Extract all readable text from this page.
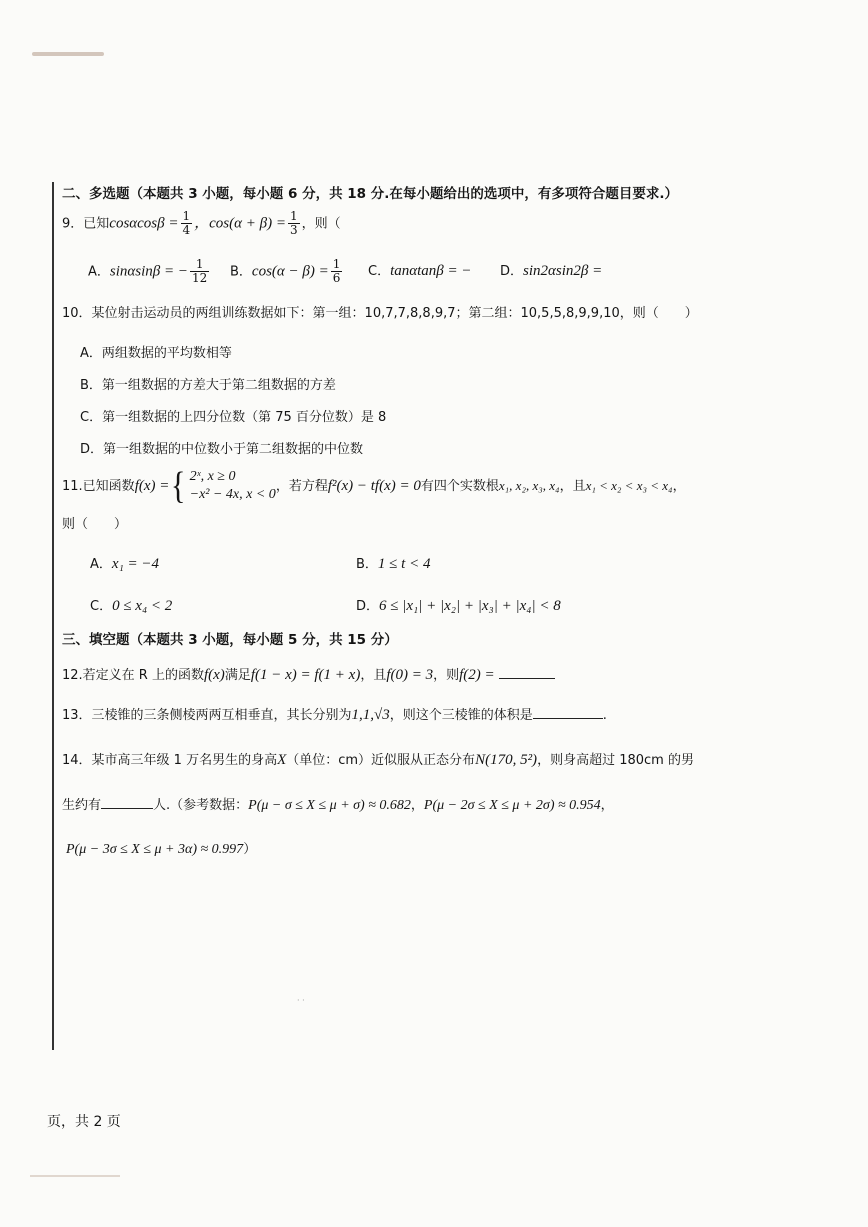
二、多选题（本题共 3 小题，每小题 6 分，共 18 分.在每小题给出的选项中，有多项符合题目要求.）
9．已知$\cos\alpha\cos\beta = \frac{1}{4}$ ，$\cos(\alpha + \beta) = \frac{1}{3}$ ，则（
A．sinαsinβ = − $\frac{1}{12}$ B．$\cos(\alpha - \beta) = \frac{1}{6}$ C．tanαtanβ = − D．sin2αsin2β =
10．某位射击运动员的两组训练数据如下：第一组：10,7,7,8,8,9,7；第二组：10,5,5,8,9,9,10，则（　　）
A．两组数据的平均数相等
B．第一组数据的方差大于第二组数据的方差
C．第一组数据的上四分位数（第 75 百分位数）是 8
D．第一组数据的中位数小于第二组数据的中位数
11.已知函数f(x) ={ 2ˣ, x ≥ 0
−x² − 4x, x < 0
，若方程f²(x) − tf(x) = 0有四个实数根x₁, x₂, x₃, x₄，且x₁ < x₂ < x₃ < x₄，
则（　　）
A．x₁ = −4	B．1 ≤ t < 4
C．0 ≤ x₄ < 2	D．6 ≤ |x₁| + |x₂| + |x₃| + |x₄| < 8
三、填空题（本题共 3 小题，每小题 5 分，共 15 分）
12.若定义在 R 上的函数f(x)满足f(1 − x) = f(1 + x)，且f(0) = 3，则f(2) =
13．三棱锥的三条侧棱两两互相垂直，其长分别为1,1,√3，则这个三棱锥的体积是	.
14．某市高三年级 1 万名男生的身高X（单位：cm）近似服从正态分布N(170, 5²)，则身高超过 180cm 的男
生约有	人.（参考数据：P(μ − σ ≤ X ≤ μ + σ) ≈ 0.682，P(μ − 2σ ≤ X ≤ μ + 2σ) ≈ 0.954，
P(μ − 3σ ≤ X ≤ μ + 3α) ≈ 0.997）
· ·
页，共 2 页
